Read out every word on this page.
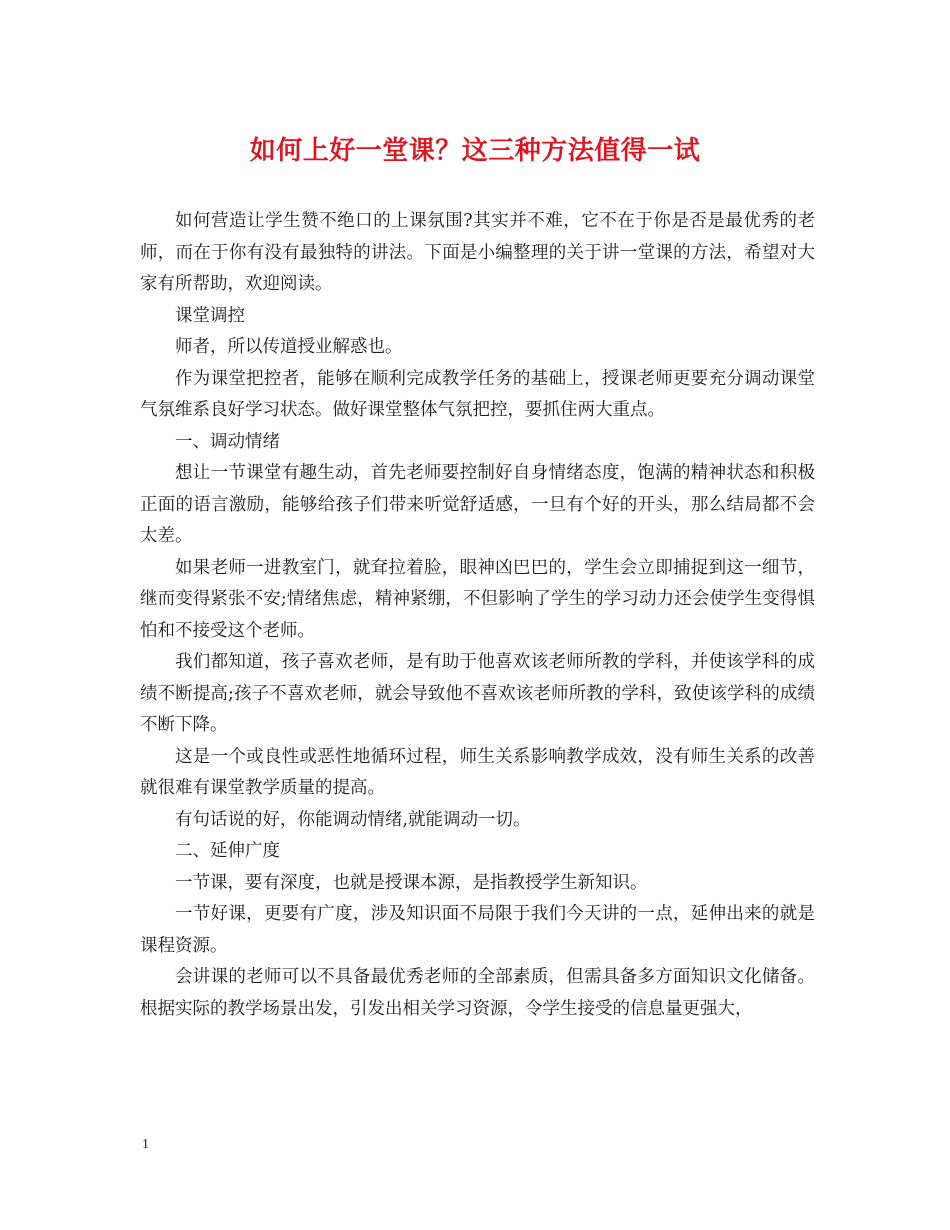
如何上好一堂课？这三种方法值得一试

如何营造让学生赞不绝口的上课氛围?其实并不难，它不在于你是否是最优秀的老师，而在于你有没有最独特的讲法。下面是小编整理的关于讲一堂课的方法，希望对大家有所帮助，欢迎阅读。

课堂调控

师者，所以传道授业解惑也。

作为课堂把控者，能够在顺利完成教学任务的基础上，授课老师更要充分调动课堂气氛维系良好学习状态。做好课堂整体气氛把控，要抓住两大重点。

一、调动情绪

想让一节课堂有趣生动，首先老师要控制好自身情绪态度，饱满的精神状态和积极正面的语言激励，能够给孩子们带来听觉舒适感，一旦有个好的开头，那么结局都不会太差。

如果老师一进教室门，就耷拉着脸，眼神凶巴巴的，学生会立即捕捉到这一细节，继而变得紧张不安;情绪焦虑，精神紧绷，不但影响了学生的学习动力还会使学生变得惧怕和不接受这个老师。

我们都知道，孩子喜欢老师，是有助于他喜欢该老师所教的学科，并使该学科的成绩不断提高;孩子不喜欢老师，就会导致他不喜欢该老师所教的学科，致使该学科的成绩不断下降。

这是一个或良性或恶性地循环过程，师生关系影响教学成效，没有师生关系的改善就很难有课堂教学质量的提高。

有句话说的好，你能调动情绪,就能调动一切。

二、延伸广度

一节课，要有深度，也就是授课本源，是指教授学生新知识。

一节好课，更要有广度，涉及知识面不局限于我们今天讲的一点，延伸出来的就是课程资源。

会讲课的老师可以不具备最优秀老师的全部素质，但需具备多方面知识文化储备。根据实际的教学场景出发，引发出相关学习资源，令学生接受的信息量更强大，

1
